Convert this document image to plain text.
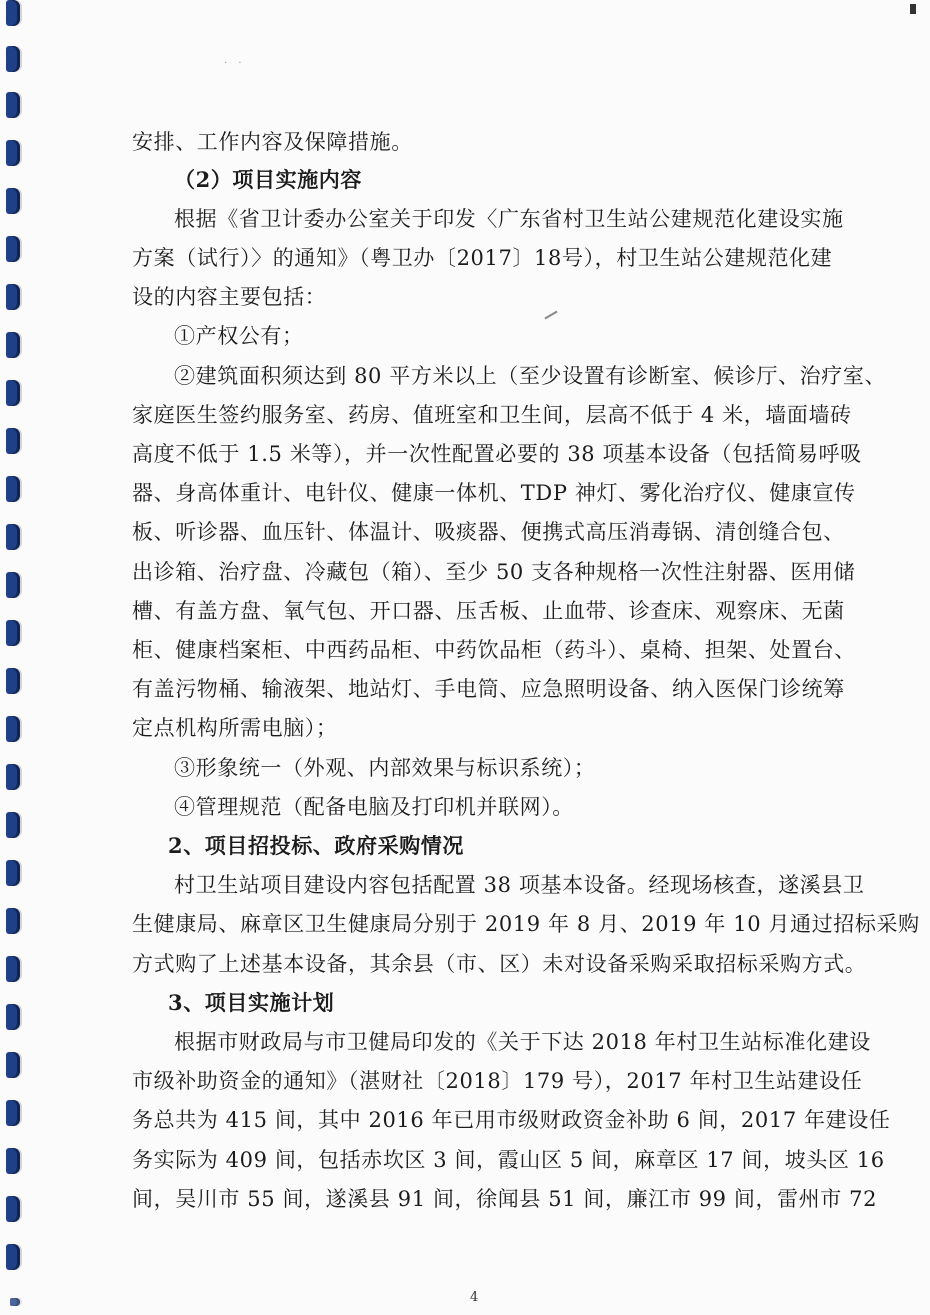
· ·
安排、工作内容及保障措施。
（2）项目实施内容
根据《省卫计委办公室关于印发〈广东省村卫生站公建规范化建设实施
方案（试行）〉的通知》（粤卫办〔2017〕18号），村卫生站公建规范化建
设的内容主要包括：
①产权公有；
②建筑面积须达到 80 平方米以上（至少设置有诊断室、候诊厅、治疗室、
家庭医生签约服务室、药房、值班室和卫生间，层高不低于 4 米，墙面墙砖
高度不低于 1.5 米等），并一次性配置必要的 38 项基本设备（包括简易呼吸
器、身高体重计、电针仪、健康一体机、TDP 神灯、雾化治疗仪、健康宣传
板、听诊器、血压针、体温计、吸痰器、便携式高压消毒锅、清创缝合包、
出诊箱、治疗盘、冷藏包（箱）、至少 50 支各种规格一次性注射器、医用储
槽、有盖方盘、氧气包、开口器、压舌板、止血带、诊查床、观察床、无菌
柜、健康档案柜、中西药品柜、中药饮品柜（药斗）、桌椅、担架、处置台、
有盖污物桶、输液架、地站灯、手电筒、应急照明设备、纳入医保门诊统筹
定点机构所需电脑）；
③形象统一（外观、内部效果与标识系统）；
④管理规范（配备电脑及打印机并联网）。
2、项目招投标、政府采购情况
村卫生站项目建设内容包括配置 38 项基本设备。经现场核查，遂溪县卫
生健康局、麻章区卫生健康局分别于 2019 年 8 月、2019 年 10 月通过招标采购
方式购了上述基本设备，其余县（市、区）未对设备采购采取招标采购方式。
3、项目实施计划
根据市财政局与市卫健局印发的《关于下达 2018 年村卫生站标准化建设
市级补助资金的通知》（湛财社〔2018〕179 号），2017 年村卫生站建设任
务总共为 415 间，其中 2016 年已用市级财政资金补助 6 间，2017 年建设任
务实际为 409 间，包括赤坎区 3 间，霞山区 5 间，麻章区 17 间，坡头区 16
间，吴川市 55 间，遂溪县 91 间，徐闻县 51 间，廉江市 99 间，雷州市 72
4
